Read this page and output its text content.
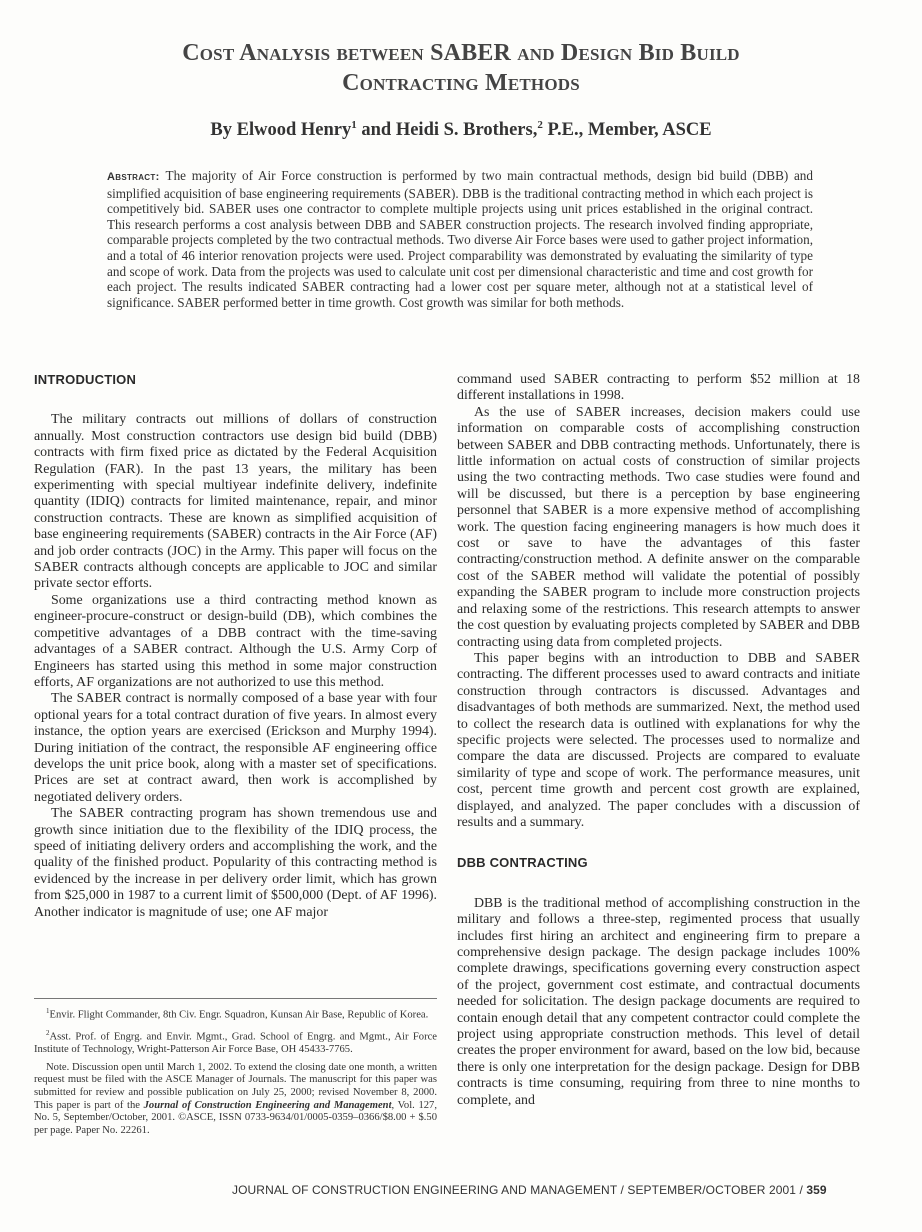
Cost Analysis between SABER and Design Bid Build
Contracting Methods
By Elwood Henry$^1$ and Heidi S. Brothers,$^2$ P.E., Member, ASCE
Abstract: The majority of Air Force construction is performed by two main contractual methods, design bid build (DBB) and simplified acquisition of base engineering requirements (SABER). DBB is the traditional contracting method in which each project is competitively bid. SABER uses one contractor to complete multiple projects using unit prices established in the original contract. This research performs a cost analysis between DBB and SABER construction projects. The research involved finding appropriate, comparable projects completed by the two contractual methods. Two diverse Air Force bases were used to gather project information, and a total of 46 interior renovation projects were used. Project comparability was demonstrated by evaluating the similarity of type and scope of work. Data from the projects was used to calculate unit cost per dimensional characteristic and time and cost growth for each project. The results indicated SABER contracting had a lower cost per square meter, although not at a statistical level of significance. SABER performed better in time growth. Cost growth was similar for both methods.
INTRODUCTION

The military contracts out millions of dollars of construction annually. Most construction contractors use design bid build (DBB) contracts with firm fixed price as dictated by the Federal Acquisition Regulation (FAR). In the past 13 years, the military has been experimenting with special multiyear indefinite delivery, indefinite quantity (IDIQ) contracts for limited maintenance, repair, and minor construction contracts. These are known as simplified acquisition of base engineering requirements (SABER) contracts in the Air Force (AF) and job order contracts (JOC) in the Army. This paper will focus on the SABER contracts although concepts are applicable to JOC and similar private sector efforts.

Some organizations use a third contracting method known as engineer-procure-construct or design-build (DB), which combines the competitive advantages of a DBB contract with the time-saving advantages of a SABER contract. Although the U.S. Army Corp of Engineers has started using this method in some major construction efforts, AF organizations are not authorized to use this method.

The SABER contract is normally composed of a base year with four optional years for a total contract duration of five years. In almost every instance, the option years are exercised (Erickson and Murphy 1994). During initiation of the contract, the responsible AF engineering office develops the unit price book, along with a master set of specifications. Prices are set at contract award, then work is accomplished by negotiated delivery orders.

The SABER contracting program has shown tremendous use and growth since initiation due to the flexibility of the IDIQ process, the speed of initiating delivery orders and accomplishing the work, and the quality of the finished product. Popularity of this contracting method is evidenced by the increase in per delivery order limit, which has grown from $25,000 in 1987 to a current limit of $500,000 (Dept. of AF 1996). Another indicator is magnitude of use; one AF major

command used SABER contracting to perform $52 million at 18 different installations in 1998.

As the use of SABER increases, decision makers could use information on comparable costs of accomplishing construction between SABER and DBB contracting methods. Unfortunately, there is little information on actual costs of construction of similar projects using the two contracting methods. Two case studies were found and will be discussed, but there is a perception by base engineering personnel that SABER is a more expensive method of accomplishing work. The question facing engineering managers is how much does it cost or save to have the advantages of this faster contracting/construction method. A definite answer on the comparable cost of the SABER method will validate the potential of possibly expanding the SABER program to include more construction projects and relaxing some of the restrictions. This research attempts to answer the cost question by evaluating projects completed by SABER and DBB contracting using data from completed projects.

This paper begins with an introduction to DBB and SABER contracting. The different processes used to award contracts and initiate construction through contractors is discussed. Advantages and disadvantages of both methods are summarized. Next, the method used to collect the research data is outlined with explanations for why the specific projects were selected. The processes used to normalize and compare the data are discussed. Projects are compared to evaluate similarity of type and scope of work. The performance measures, unit cost, percent time growth and percent cost growth are explained, displayed, and analyzed. The paper concludes with a discussion of results and a summary.

DBB CONTRACTING

DBB is the traditional method of accomplishing construction in the military and follows a three-step, regimented process that usually includes first hiring an architect and engineering firm to prepare a comprehensive design package. The design package includes 100% complete drawings, specifications governing every construction aspect of the project, government cost estimate, and contractual documents needed for solicitation. The design package documents are required to contain enough detail that any competent contractor could complete the project using appropriate construction methods. This level of detail creates the proper environment for award, based on the low bid, because there is only one interpretation for the design package. Design for DBB contracts is time consuming, requiring from three to nine months to complete, and

$^1$Envir. Flight Commander, 8th Civ. Engr. Squadron, Kunsan Air Base, Republic of Korea.
$^2$Asst. Prof. of Engrg. and Envir. Mgmt., Grad. School of Engrg. and Mgmt., Air Force Institute of Technology, Wright-Patterson Air Force Base, OH 45433-7765.
Note. Discussion open until March 1, 2002. To extend the closing date one month, a written request must be filed with the ASCE Manager of Journals. The manuscript for this paper was submitted for review and possible publication on July 25, 2000; revised November 8, 2000. This paper is part of the Journal of Construction Engineering and Management, Vol. 127, No. 5, September/October, 2001. ©ASCE, ISSN 0733-9634/01/0005-0359–0366/$8.00 + $.50 per page. Paper No. 22261.
JOURNAL OF CONSTRUCTION ENGINEERING AND MANAGEMENT / SEPTEMBER/OCTOBER 2001 / 359
